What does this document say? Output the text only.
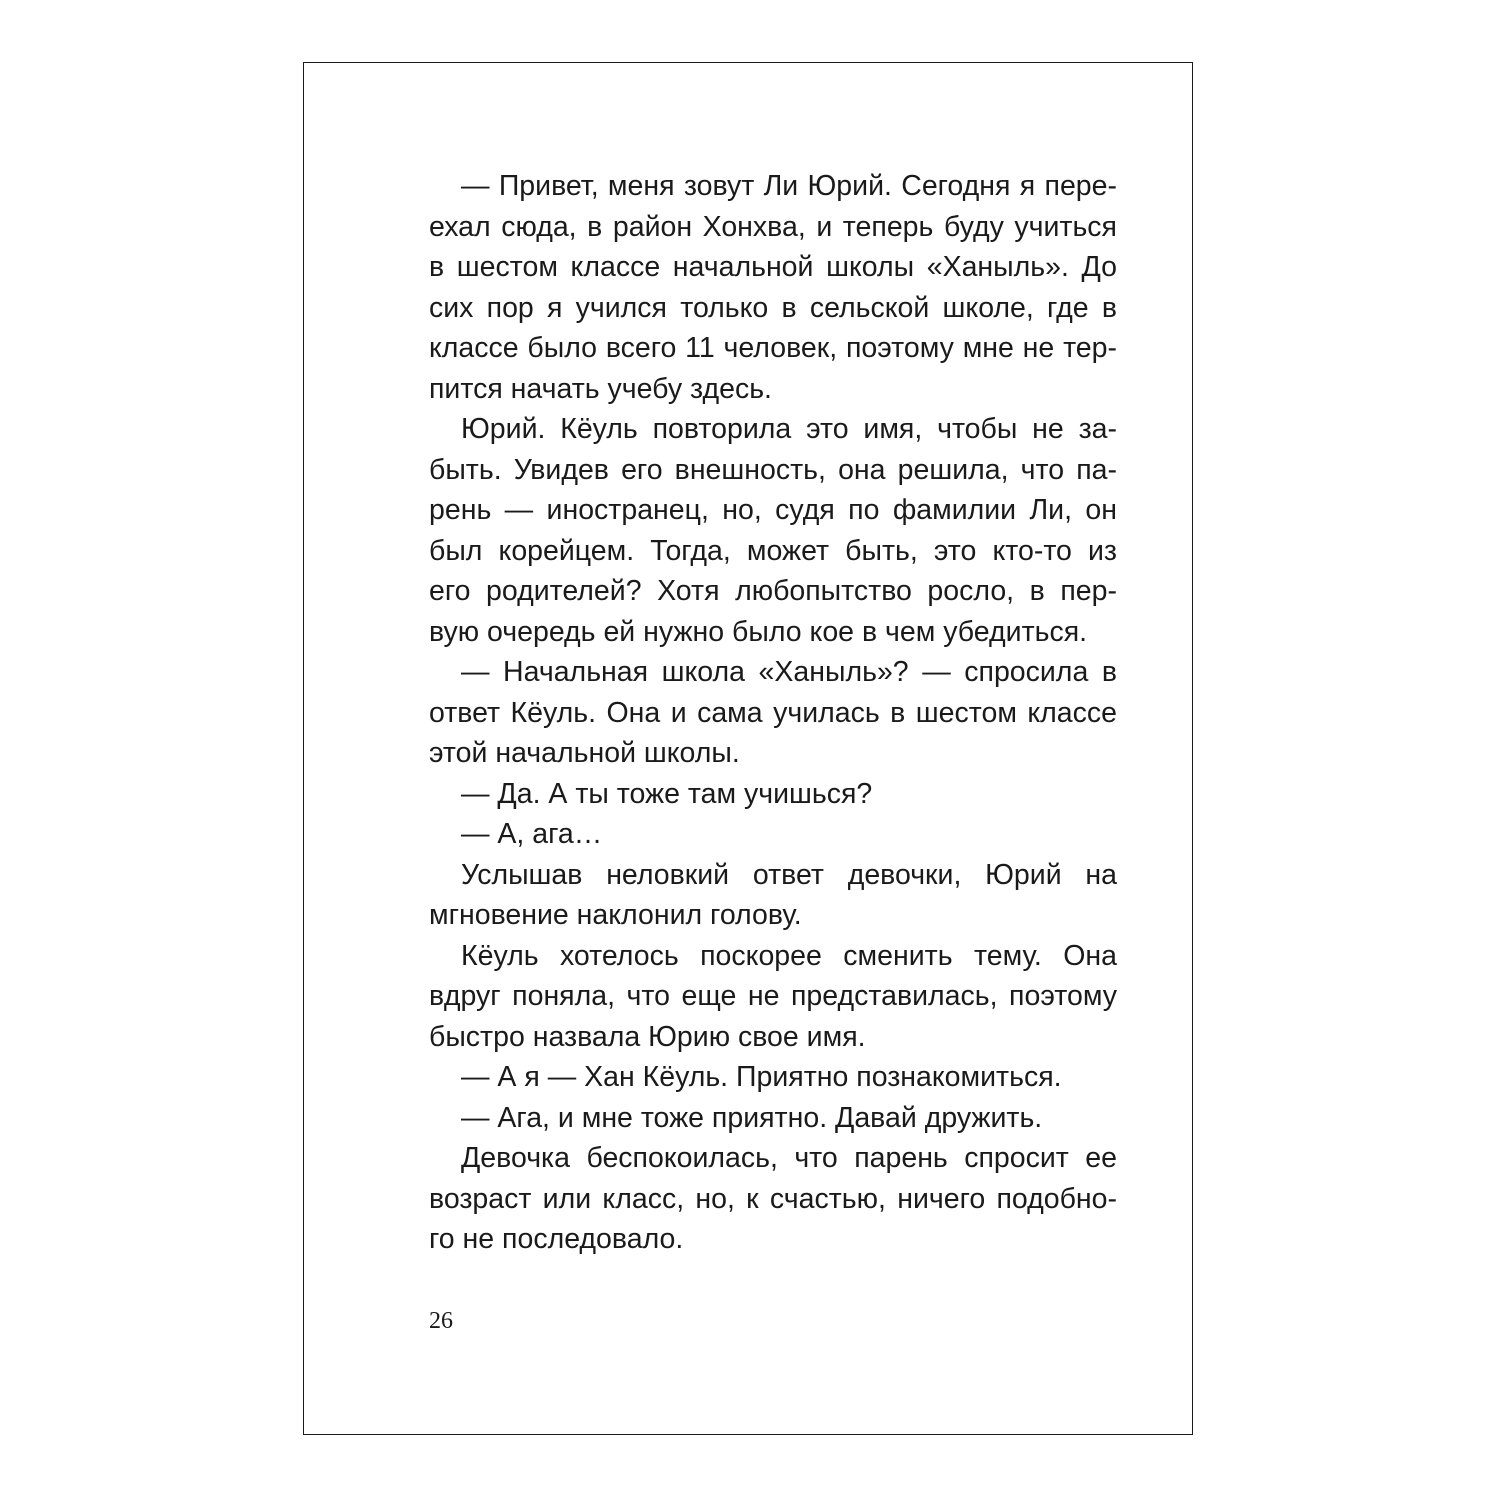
— Привет, меня зовут Ли Юрий. Сегодня я пере-
ехал сюда, в район Хонхва, и теперь буду учиться
в шестом классе начальной школы «Ханыль». До
сих пор я учился только в сельской школе, где в
классе было всего 11 человек, поэтому мне не тер-
пится начать учебу здесь.
Юрий. Кёуль повторила это имя, чтобы не за-
быть. Увидев его внешность, она решила, что па-
рень — иностранец, но, судя по фамилии Ли, он
был корейцем. Тогда, может быть, это кто-то из
его родителей? Хотя любопытство росло, в пер-
вую очередь ей нужно было кое в чем убедиться.
— Начальная школа «Ханыль»? — спросила в
ответ Кёуль. Она и сама училась в шестом классе
этой начальной школы.
— Да. А ты тоже там учишься?
— А, ага…
Услышав неловкий ответ девочки, Юрий на
мгновение наклонил голову.
Кёуль хотелось поскорее сменить тему. Она
вдруг поняла, что еще не представилась, поэтому
быстро назвала Юрию свое имя.
— А я — Хан Кёуль. Приятно познакомиться.
— Ага, и мне тоже приятно. Давай дружить.
Девочка беспокоилась, что парень спросит ее
возраст или класс, но, к счастью, ничего подобно-
го не последовало.
26
